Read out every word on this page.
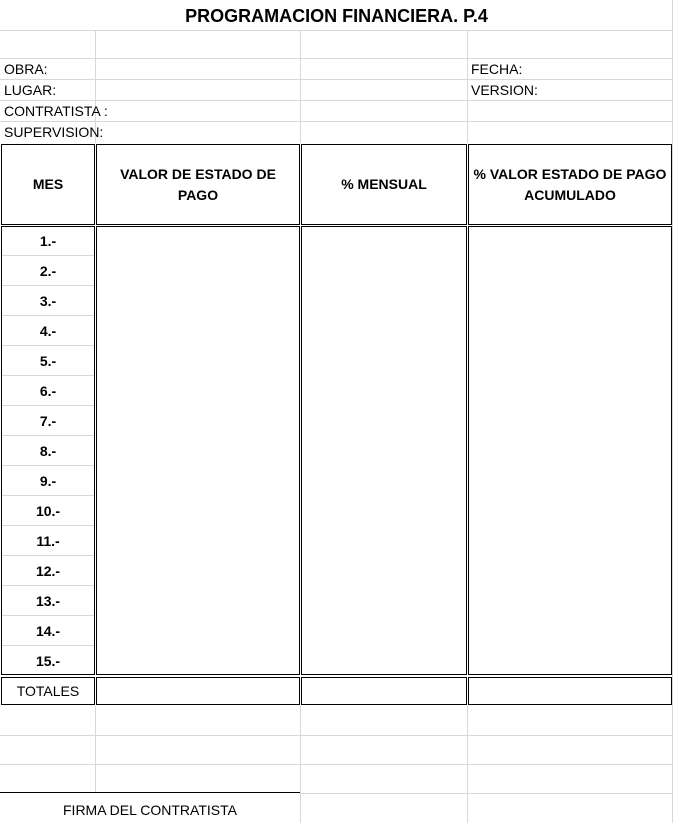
PROGRAMACION FINANCIERA. P.4
OBRA:
LUGAR:
CONTRATISTA :
SUPERVISION:
FECHA:
VERSION:
MES
VALOR DE ESTADO DE PAGO
% MENSUAL
% VALOR ESTADO DE PAGO ACUMULADO
1.-
2.-
3.-
4.-
5.-
6.-
7.-
8.-
9.-
10.-
11.-
12.-
13.-
14.-
15.-
TOTALES
FIRMA DEL CONTRATISTA
